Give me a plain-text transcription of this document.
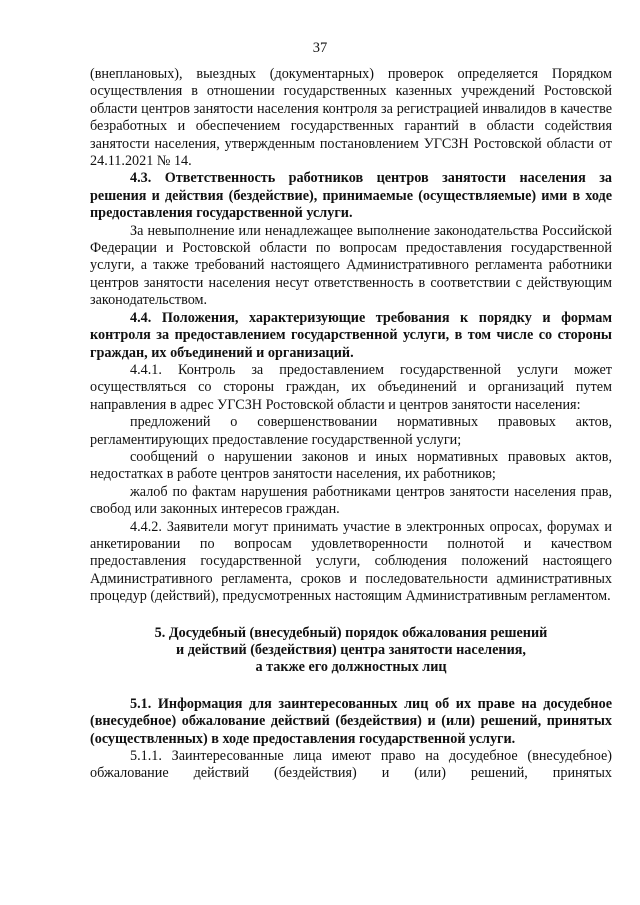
37

(внеплановых), выездных (документарных) проверок определяется Порядком осуществления в отношении государственных казенных учреждений Ростовской области центров занятости населения контроля за регистрацией инвалидов в качестве безработных и обеспечением государственных гарантий в области содействия занятости населения, утвержденным постановлением УГСЗН Ростовской области от 24.11.2021 № 14.

4.3. Ответственность работников центров занятости населения за решения и действия (бездействие), принимаемые (осуществляемые) ими в ходе предоставления государственной услуги.

За невыполнение или ненадлежащее выполнение законодательства Российской Федерации и Ростовской области по вопросам предоставления государственной услуги, а также требований настоящего Административного регламента работники центров занятости населения несут ответственность в соответствии с действующим законодательством.

4.4. Положения, характеризующие требования к порядку и формам контроля за предоставлением государственной услуги, в том числе со стороны граждан, их объединений и организаций.

4.4.1. Контроль за предоставлением государственной услуги может осуществляться со стороны граждан, их объединений и организаций путем направления в адрес УГСЗН Ростовской области и центров занятости населения:

предложений о совершенствовании нормативных правовых актов, регламентирующих предоставление государственной услуги;

сообщений о нарушении законов и иных нормативных правовых актов, недостатках в работе центров занятости населения, их работников;

жалоб по фактам нарушения работниками центров занятости населения прав, свобод или законных интересов граждан.

4.4.2. Заявители могут принимать участие в электронных опросах, форумах и анкетировании по вопросам удовлетворенности полнотой и качеством предоставления государственной услуги, соблюдения положений настоящего Административного регламента, сроков и последовательности административных процедур (действий), предусмотренных настоящим Административным регламентом.

5. Досудебный (внесудебный) порядок обжалования решений

и действий (бездействия) центра занятости населения,

а также его должностных лиц

5.1. Информация для заинтересованных лиц об их праве на досудебное (внесудебное) обжалование действий (бездействия) и (или) решений, принятых (осуществленных) в ходе предоставления государственной услуги.

5.1.1. Заинтересованные лица имеют право на досудебное (внесудебное) обжалование действий (бездействия) и (или) решений, принятых
